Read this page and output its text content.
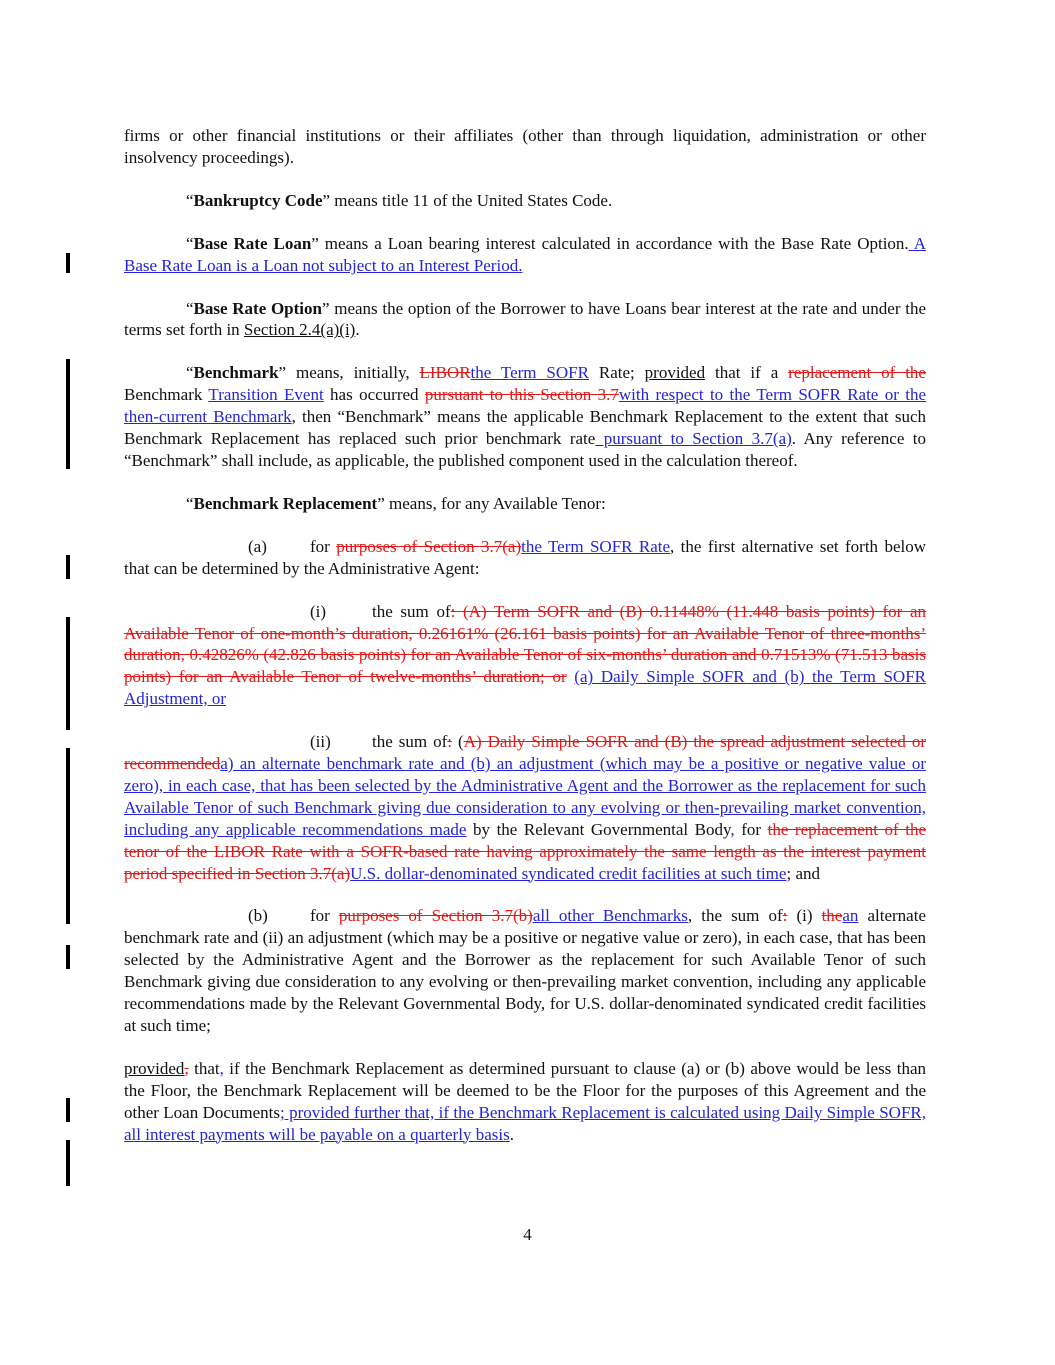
firms or other financial institutions or their affiliates (other than through liquidation, administration or other insolvency proceedings).

“Bankruptcy Code” means title 11 of the United States Code.

“Base Rate Loan” means a Loan bearing interest calculated in accordance with the Base Rate Option. A Base Rate Loan is a Loan not subject to an Interest Period.

“Base Rate Option” means the option of the Borrower to have Loans bear interest at the rate and under the terms set forth in Section 2.4(a)(i).

“Benchmark” means, initially, LIBORthe Term SOFR Rate; provided that if a replacement of the Benchmark Transition Event has occurred pursuant to this Section 3.7with respect to the Term SOFR Rate or the then-current Benchmark, then “Benchmark” means the applicable Benchmark Replacement to the extent that such Benchmark Replacement has replaced such prior benchmark rate pursuant to Section 3.7(a). Any reference to “Benchmark” shall include, as applicable, the published component used in the calculation thereof.

“Benchmark Replacement” means, for any Available Tenor:

(a)	for purposes of Section 3.7(a)the Term SOFR Rate, the first alternative set forth below that can be determined by the Administrative Agent:

(i)	the sum of: (A) Term SOFR and (B) 0.11448% (11.448 basis points) for an Available Tenor of one-month’s duration, 0.26161% (26.161 basis points) for an Available Tenor of three-months’ duration, 0.42826% (42.826 basis points) for an Available Tenor of six-months’ duration and 0.71513% (71.513 basis points) for an Available Tenor of twelve-months’ duration; or (a) Daily Simple SOFR and (b) the Term SOFR Adjustment, or

(ii) the sum of: (A) Daily Simple SOFR and (B) the spread adjustment selected or recommendeda) an alternate benchmark rate and (b) an adjustment (which may be a positive or negative value or zero), in each case, that has been selected by the Administrative Agent and the Borrower as the replacement for such Available Tenor of such Benchmark giving due consideration to any evolving or then-prevailing market convention, including any applicable recommendations made by the Relevant Governmental Body, for the replacement of the tenor of the LIBOR Rate with a SOFR-based rate having approximately the same length as the interest payment period specified in Section 3.7(a)U.S. dollar-denominated syndicated credit facilities at such time; and

(b) for purposes of Section 3.7(b)all other Benchmarks, the sum of: (i) thean alternate benchmark rate and (ii) an adjustment (which may be a positive or negative value or zero), in each case, that has been selected by the Administrative Agent and the Borrower as the replacement for such Available Tenor of such Benchmark giving due consideration to any evolving or then-prevailing market convention, including any applicable recommendations made by the Relevant Governmental Body, for U.S. dollar-denominated syndicated credit facilities at such time;

provided, that, if the Benchmark Replacement as determined pursuant to clause (a) or (b) above would be less than the Floor, the Benchmark Replacement will be deemed to be the Floor for the purposes of this Agreement and the other Loan Documents; provided further that, if the Benchmark Replacement is calculated using Daily Simple SOFR, all interest payments will be payable on a quarterly basis.

4
